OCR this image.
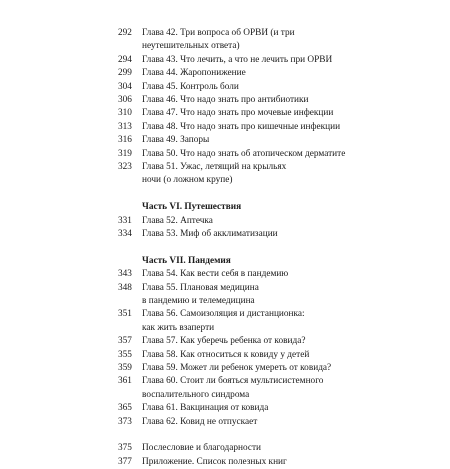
292	Глава 42. Три вопроса об ОРВИ (и три
неутешительных ответа)
294	Глава 43. Что лечить, а что не лечить при ОРВИ
299	Глава 44. Жаропонижение
304	Глава 45. Контроль боли
306	Глава 46. Что надо знать про антибиотики
310	Глава 47. Что надо знать про мочевые инфекции
313	Глава 48. Что надо знать про кишечные инфекции
316	Глава 49. Запоры
319	Глава 50. Что надо знать об атопическом дерматите
323	Глава 51. Ужас, летящий на крыльях
ночи (о ложном крупе)
Часть VI. Путешествия
331	Глава 52. Аптечка
334	Глава 53. Миф об акклиматизации
Часть VII. Пандемия
343	Глава 54. Как вести себя в пандемию
348	Глава 55. Плановая медицина
в пандемию и телемедицина
351	Глава 56. Самоизоляция и дистанционка:
как жить взаперти
357	Глава 57. Как уберечь ребенка от ковида?
355	Глава 58. Как относиться к ковиду у детей
359	Глава 59. Может ли ребенок умереть от ковида?
361	Глава 60. Стоит ли бояться мультисистемного
воспалительного синдрома
365	Глава 61. Вакцинация от ковида
373	Глава 62. Ковид не отпускает
375	Послесловие и благодарности
377	Приложение. Список полезных книг
